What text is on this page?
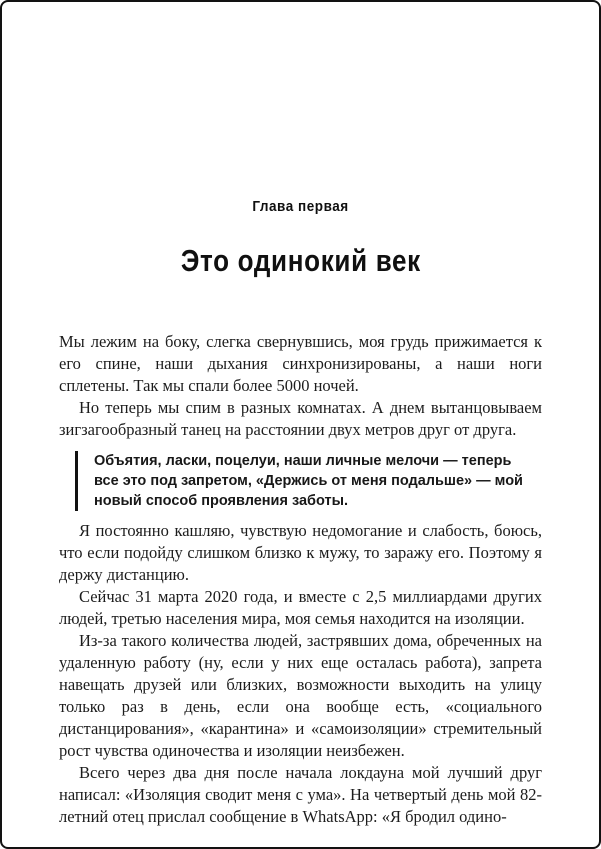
Глава первая
Это одинокий век

Мы лежим на боку, слегка свернувшись, моя грудь прижимается к его спине, наши дыхания синхронизированы, а наши ноги сплетены. Так мы спали более 5000 ночей.

Но теперь мы спим в разных комнатах. А днем вытанцовываем зигзагообразный танец на расстоянии двух метров друг от друга.

Объятия, ласки, поцелуи, наши личные мелочи — теперь все это под запретом, «Держись от меня подальше» — мой новый способ проявления заботы.

Я постоянно кашляю, чувствую недомогание и слабость, боюсь, что если подойду слишком близко к мужу, то заражу его. Поэтому я держу дистанцию.

Сейчас 31 марта 2020 года, и вместе с 2,5 миллиардами других людей, третью населения мира, моя семья находится на изоляции.

Из-за такого количества людей, застрявших дома, обреченных на удаленную работу (ну, если у них еще осталась работа), запрета навещать друзей или близких, возможности выходить на улицу только раз в день, если она вообще есть, «социального дистанцирования», «карантина» и «самоизоляции» стремительный рост чувства одиночества и изоляции неизбежен.

Всего через два дня после начала локдауна мой лучший друг написал: «Изоляция сводит меня с ума». На четвертый день мой 82-летний отец прислал сообщение в WhatsApp: «Я бродил одино-
